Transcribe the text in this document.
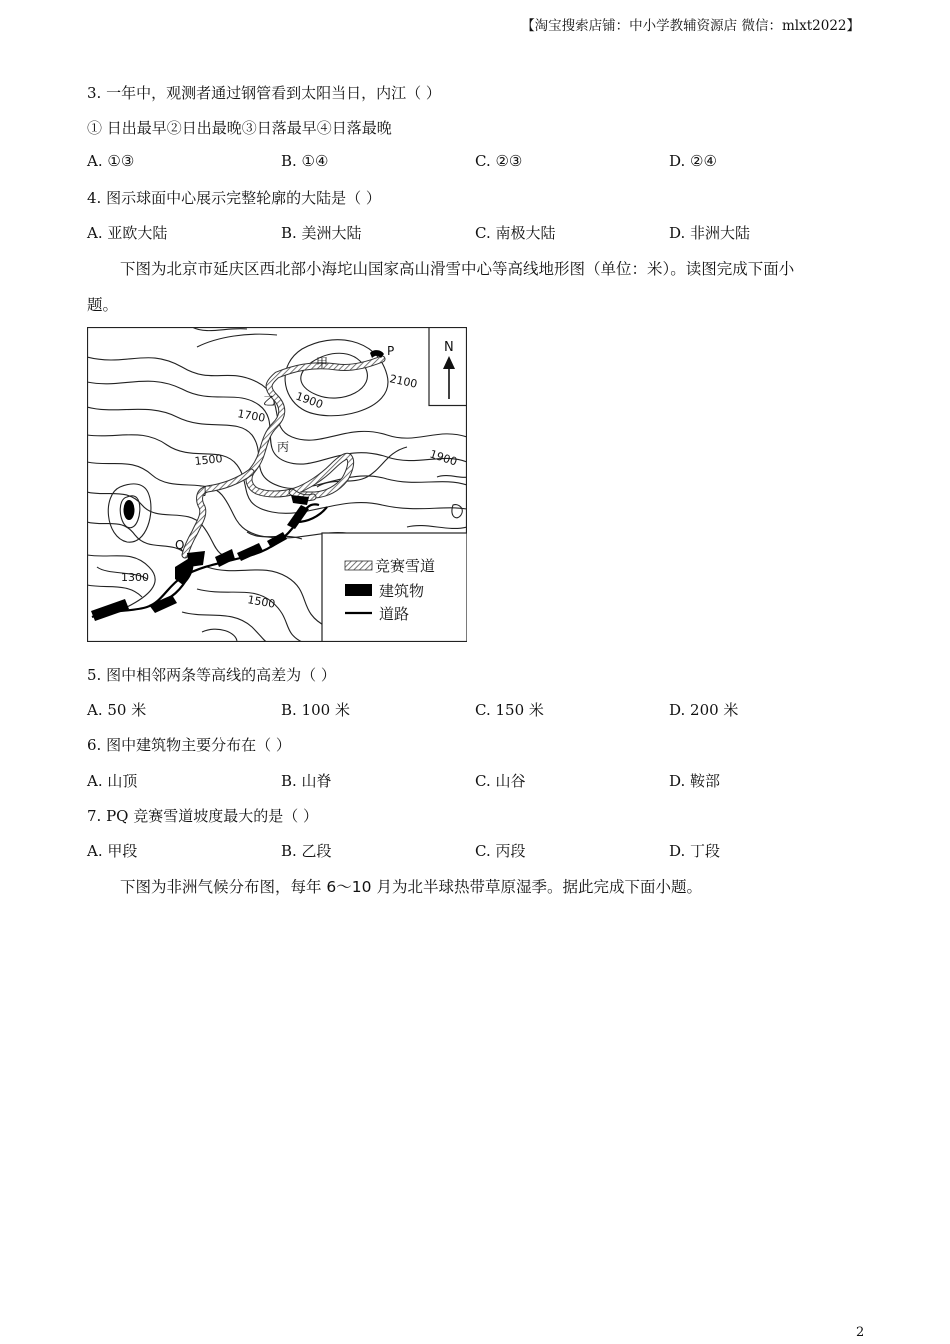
【淘宝搜索店铺：中小学教辅资源店 微信：mlxt2022】
3. 一年中，观测者通过钢管看到太阳当日，内江（ ）
① 日出最早②日出最晚③日落最早④日落最晚
A. ①③	B. ①④	C. ②③	D. ②④
4. 图示球面中心展示完整轮廓的大陆是（ ）
A. 亚欧大陆	B. 美洲大陆	C. 南极大陆	D. 非洲大陆
下图为北京市延庆区西北部小海坨山国家高山滑雪中心等高线地形图（单位：米）。读图完成下面小
题。
P
Q
甲
乙
丙
丁
2100
1900
1700
1900
1500
1300
1500
N
竞赛雪道
建筑物
道路
5. 图中相邻两条等高线的高差为（ ）
A. 50 米	B. 100 米	C. 150 米	D. 200 米
6. 图中建筑物主要分布在（ ）
A. 山顶	B. 山脊	C. 山谷	D. 鞍部
7. PQ 竞赛雪道坡度最大的是（ ）
A. 甲段	B. 乙段	C. 丙段	D. 丁段
下图为非洲气候分布图，每年 6～10 月为北半球热带草原湿季。据此完成下面小题。
2
